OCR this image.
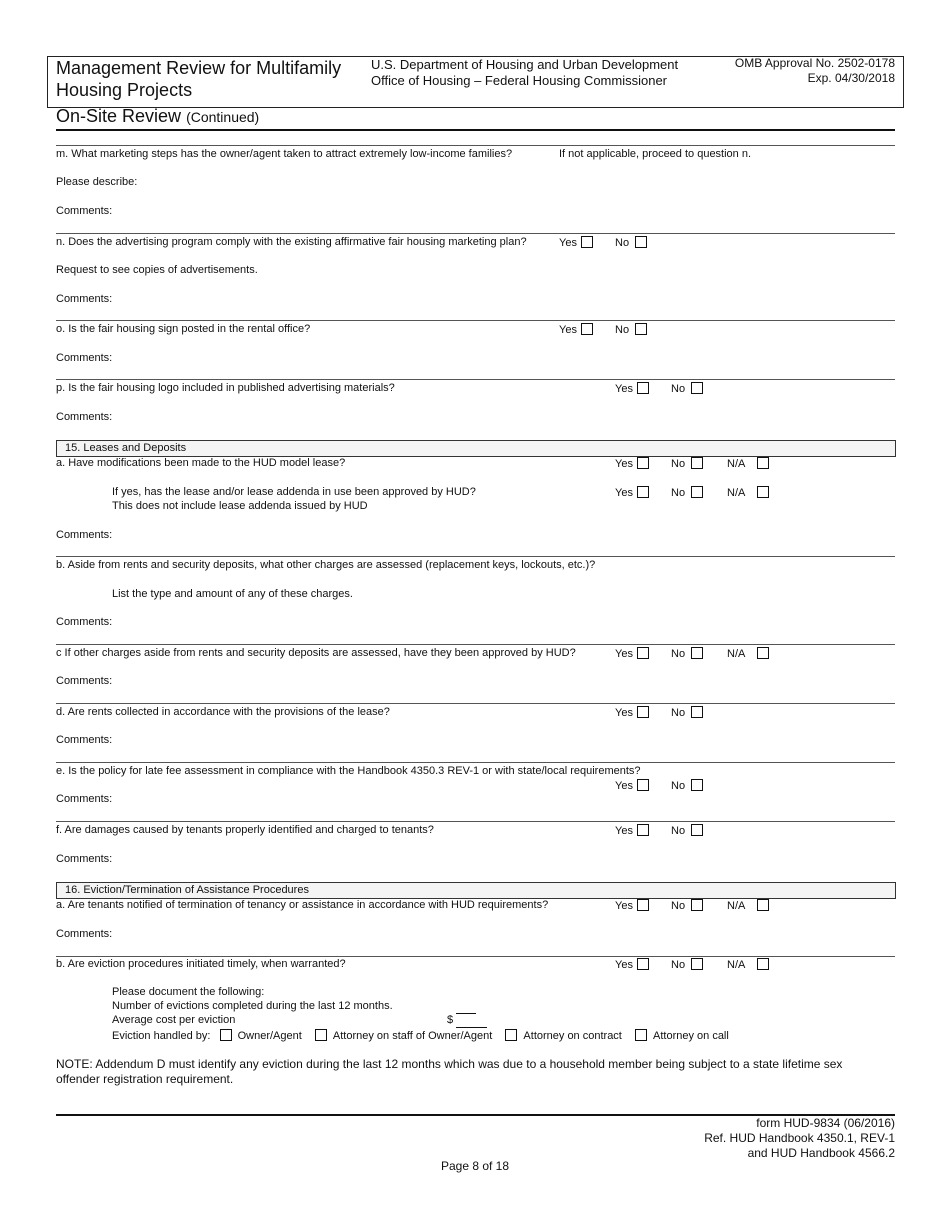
Management Review for Multifamily
Housing Projects
U.S. Department of Housing and Urban Development
Office of Housing – Federal Housing Commissioner
OMB Approval No. 2502-0178
Exp. 04/30/2018
On-Site Review (Continued)
m. What marketing steps has the owner/agent taken to attract extremely low-income families?	If not applicable, proceed to question n.
Please describe:
Comments:
n. Does the advertising program comply with the existing affirmative fair housing marketing plan?	Yes	No
Request to see copies of advertisements.
Comments:
o. Is the fair housing sign posted in the rental office?	Yes	No
Comments:
p. Is the fair housing logo included in published advertising materials?	Yes	No
Comments:
15. Leases and Deposits
a. Have modifications been made to the HUD model lease?	Yes	No	N/A
If yes, has the lease and/or lease addenda in use been approved by HUD?
This does not include lease addenda issued by HUD
Yes	No	N/A
Comments:
b. Aside from rents and security deposits, what other charges are assessed (replacement keys, lockouts, etc.)?
List the type and amount of any of these charges.
Comments:
c If other charges aside from rents and security deposits are assessed, have they been approved by HUD?	Yes	No	N/A
Comments:
d. Are rents collected in accordance with the provisions of the lease?	Yes	No
Comments:
e. Is the policy for late fee assessment in compliance with the Handbook 4350.3 REV-1 or with state/local requirements?
Yes	No
Comments:
f. Are damages caused by tenants properly identified and charged to tenants?	Yes	No
Comments:
16. Eviction/Termination of Assistance Procedures
a. Are tenants notified of termination of tenancy or assistance in accordance with HUD requirements?	Yes	No	N/A
Comments:
b. Are eviction procedures initiated timely, when warranted?	Yes	No	N/A
Please document the following:
Number of evictions completed during the last 12 months.
Average cost per eviction	$
Eviction handled by: Owner/Agent	Attorney on staff of Owner/Agent	Attorney on contract	Attorney on call
NOTE: Addendum D must identify any eviction during the last 12 months which was due to a household member being subject to a state lifetime sex
offender registration requirement.
form HUD-9834 (06/2016)
Ref. HUD Handbook 4350.1, REV-1
and HUD Handbook 4566.2
Page 8 of 18
